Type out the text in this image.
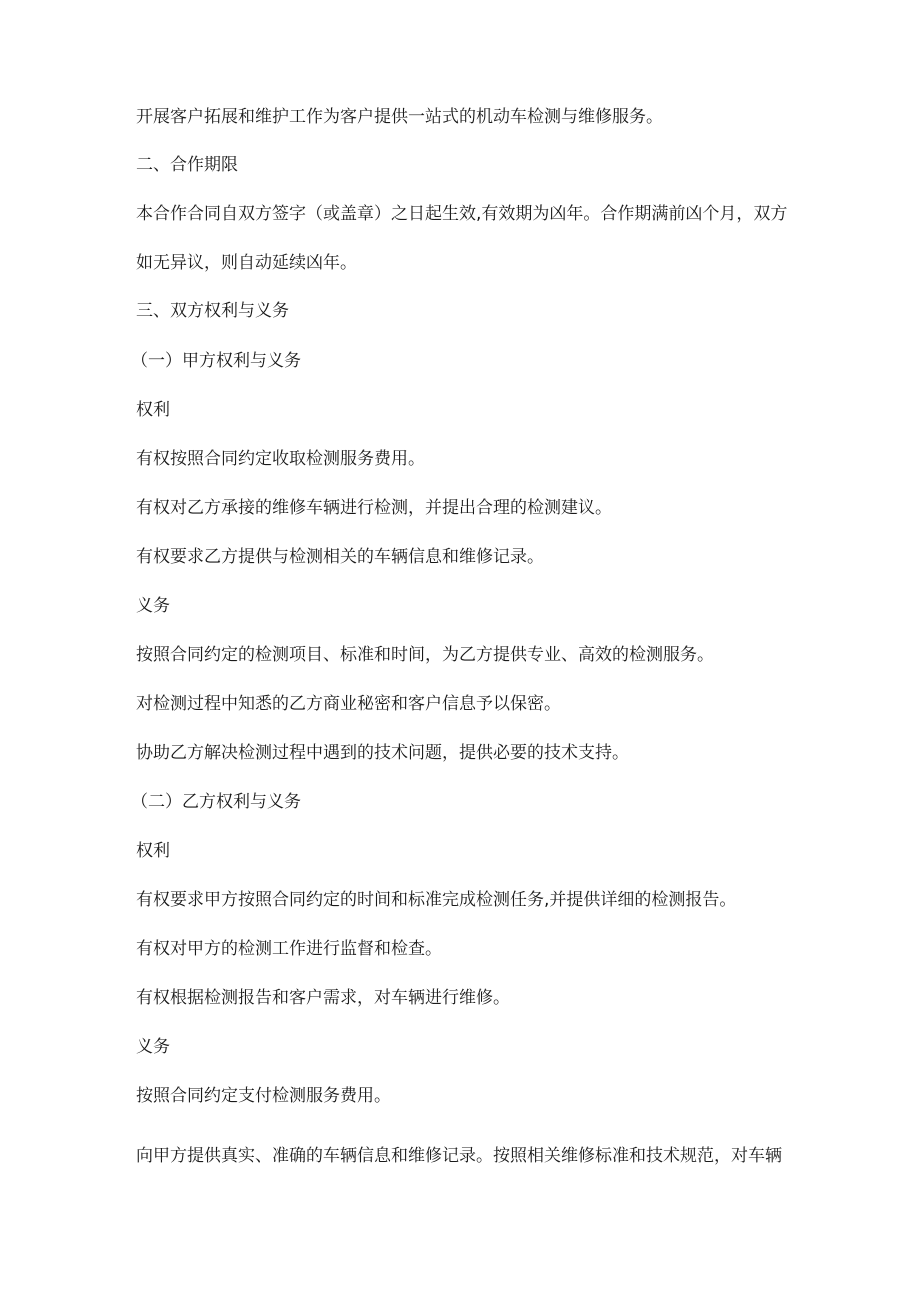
开展客户拓展和维护工作为客户提供一站式的机动车检测与维修服务。
二、合作期限
本合作合同自双方签字（或盖章）之日起生效,有效期为凶年。合作期满前凶个月，双方
如无异议，则自动延续凶年。
三、双方权利与义务
（一）甲方权利与义务
权利
有权按照合同约定收取检测服务费用。
有权对乙方承接的维修车辆进行检测，并提出合理的检测建议。
有权要求乙方提供与检测相关的车辆信息和维修记录。
义务
按照合同约定的检测项目、标准和时间，为乙方提供专业、高效的检测服务。
对检测过程中知悉的乙方商业秘密和客户信息予以保密。
协助乙方解决检测过程中遇到的技术问题，提供必要的技术支持。
（二）乙方权利与义务
权利
有权要求甲方按照合同约定的时间和标准完成检测任务,并提供详细的检测报告。
有权对甲方的检测工作进行监督和检查。
有权根据检测报告和客户需求，对车辆进行维修。
义务
按照合同约定支付检测服务费用。
向甲方提供真实、准确的车辆信息和维修记录。按照相关维修标准和技术规范，对车辆
